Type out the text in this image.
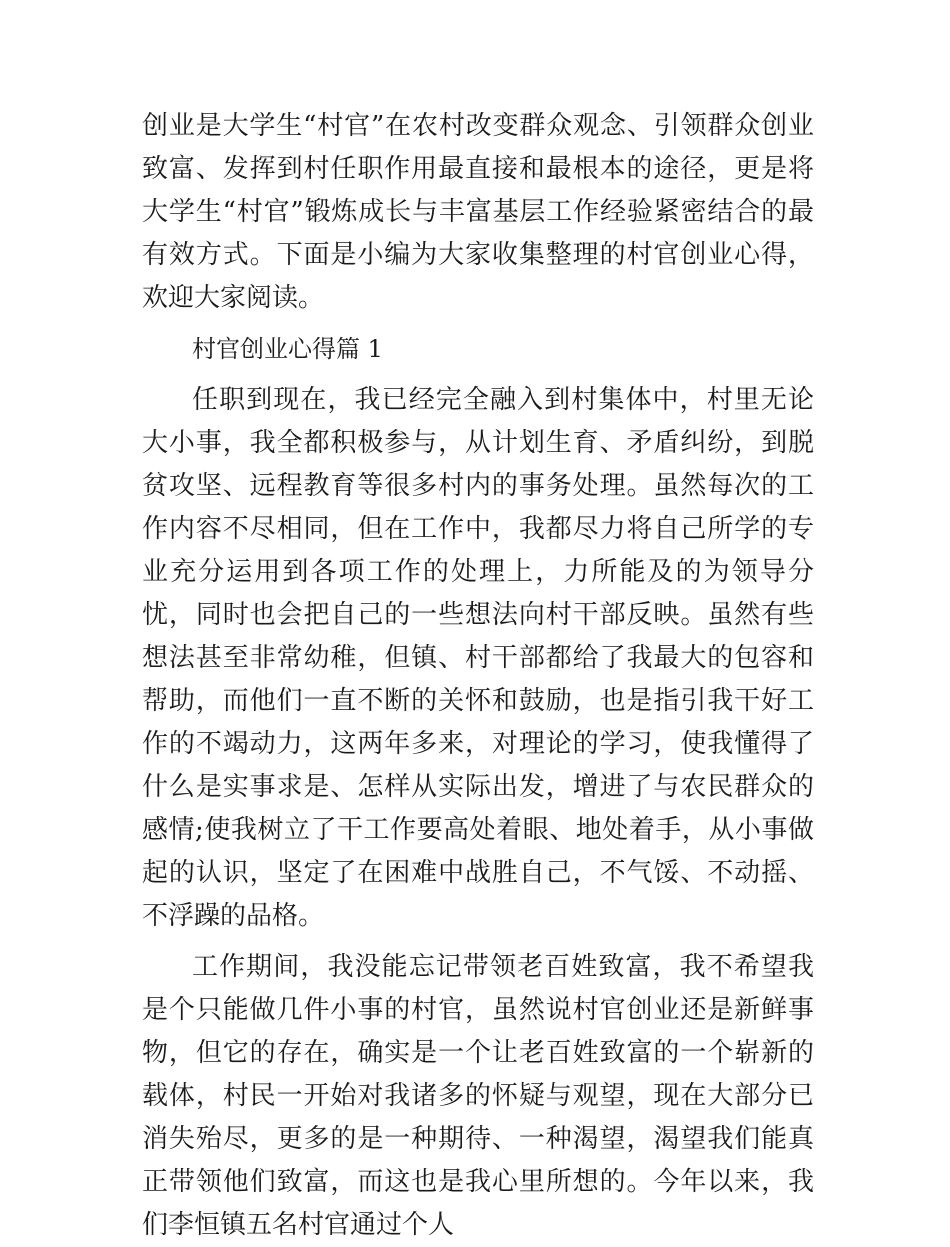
创业是大学生“村官”在农村改变群众观念、引领群众创业致富、发挥到村任职作用最直接和最根本的途径，更是将大学生“村官”锻炼成长与丰富基层工作经验紧密结合的最有效方式。下面是小编为大家收集整理的村官创业心得，欢迎大家阅读。

村官创业心得篇 1

任职到现在，我已经完全融入到村集体中，村里无论大小事，我全都积极参与，从计划生育、矛盾纠纷，到脱贫攻坚、远程教育等很多村内的事务处理。虽然每次的工作内容不尽相同，但在工作中，我都尽力将自己所学的专业充分运用到各项工作的处理上，力所能及的为领导分忧，同时也会把自己的一些想法向村干部反映。虽然有些想法甚至非常幼稚，但镇、村干部都给了我最大的包容和帮助，而他们一直不断的关怀和鼓励，也是指引我干好工作的不竭动力，这两年多来，对理论的学习，使我懂得了什么是实事求是、怎样从实际出发，增进了与农民群众的感情;使我树立了干工作要高处着眼、地处着手，从小事做起的认识，坚定了在困难中战胜自己，不气馁、不动摇、不浮躁的品格。

工作期间，我没能忘记带领老百姓致富，我不希望我是个只能做几件小事的村官，虽然说村官创业还是新鲜事物，但它的存在，确实是一个让老百姓致富的一个崭新的载体，村民一开始对我诸多的怀疑与观望，现在大部分已消失殆尽，更多的是一种期待、一种渴望，渴望我们能真正带领他们致富，而这也是我心里所想的。今年以来，我们李恒镇五名村官通过个人
